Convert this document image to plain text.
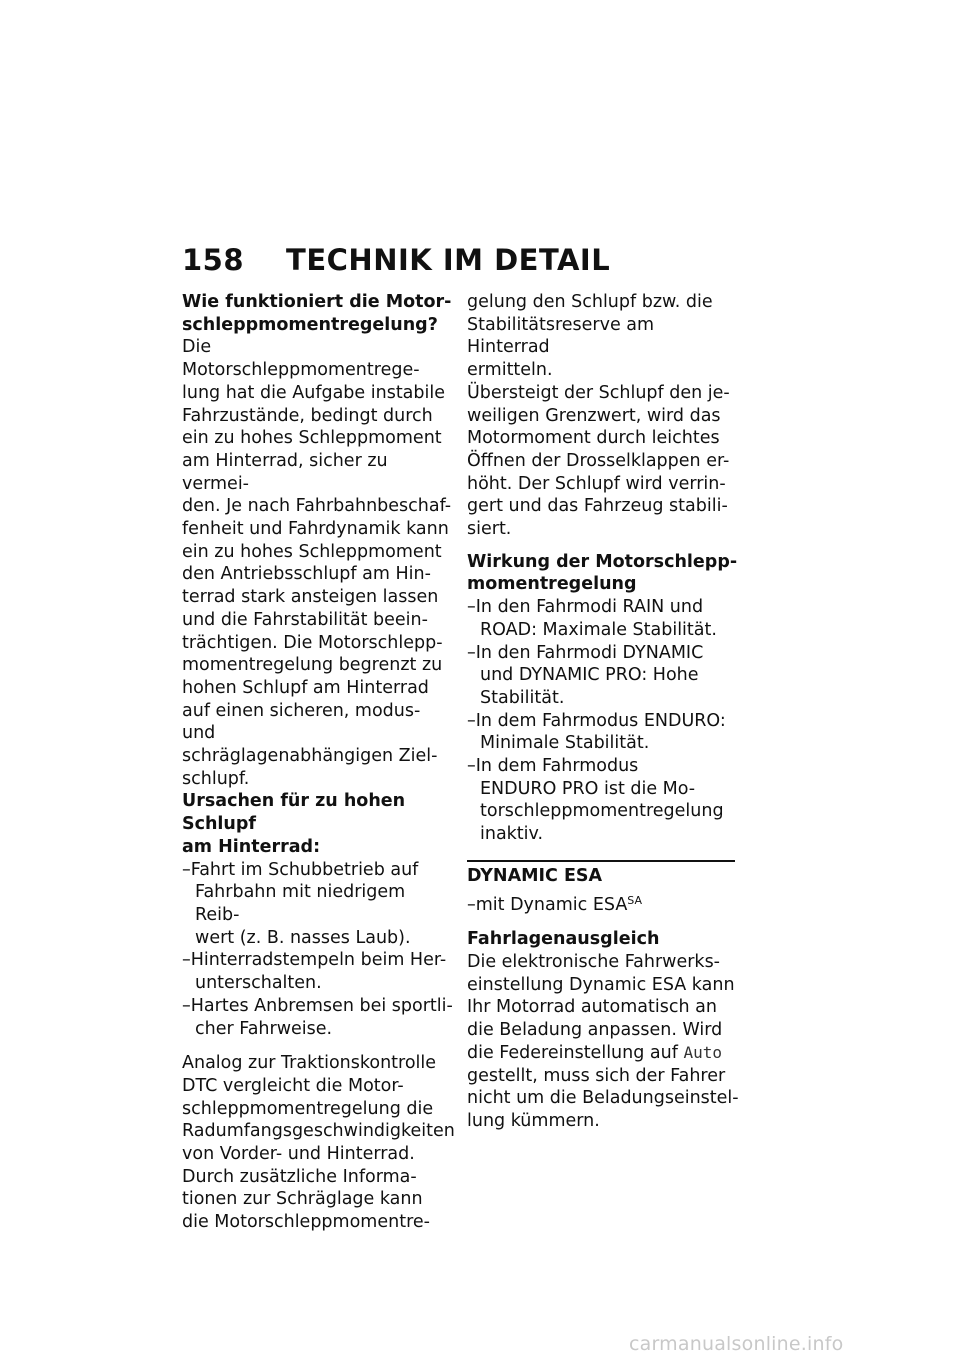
158 TECHNIK IM DETAIL

Wie funktioniert die Motor-
schleppmomentregelung?

Die Motorschleppmomentrege-
lung hat die Aufgabe instabile
Fahrzustände, bedingt durch
ein zu hohes Schleppmoment
am Hinterrad, sicher zu vermei-
den. Je nach Fahrbahnbeschaf-
fenheit und Fahrdynamik kann
ein zu hohes Schleppmoment
den Antriebsschlupf am Hin-
terrad stark ansteigen lassen
und die Fahrstabilität beein-
trächtigen. Die Motorschlepp-
momentregelung begrenzt zu
hohen Schlupf am Hinterrad
auf einen sicheren, modus- und
schräglagenabhängigen Ziel-
schlupf.

Ursachen für zu hohen Schlupf
am Hinterrad:

–Fahrt im Schubbetrieb auf
Fahrbahn mit niedrigem Reib-
wert (z. B. nasses Laub).

–Hinterradstempeln beim Her-
unterschalten.

–Hartes Anbremsen bei sportli-
cher Fahrweise.

Analog zur Traktionskontrolle
DTC vergleicht die Motor-
schleppmomentregelung die
Radumfangsgeschwindigkeiten
von Vorder- und Hinterrad.
Durch zusätzliche Informa-
tionen zur Schräglage kann
die Motorschleppmomentre-

gelung den Schlupf bzw. die
Stabilitätsreserve am Hinterrad
ermitteln.
Übersteigt der Schlupf den je-
weiligen Grenzwert, wird das
Motormoment durch leichtes
Öffnen der Drosselklappen er-
höht. Der Schlupf wird verrin-
gert und das Fahrzeug stabili-
siert.

Wirkung der Motorschlepp-
momentregelung

–In den Fahrmodi RAIN und
ROAD: Maximale Stabilität.

–In den Fahrmodi DYNAMIC
und DYNAMIC PRO: Hohe
Stabilität.

–In dem Fahrmodus ENDURO:
Minimale Stabilität.

–In dem Fahrmodus
ENDURO PRO ist die Mo-
torschleppmomentregelung
inaktiv.

DYNAMIC ESA

–mit Dynamic $ESA^{SA}$

Fahrlagenausgleich

Die elektronische Fahrwerks-
einstellung Dynamic ESA kann
Ihr Motorrad automatisch an
die Beladung anpassen. Wird
die Federeinstellung auf Auto
gestellt, muss sich der Fahrer
nicht um die Beladungseinstel-
lung kümmern.

carmanualsonline.info
